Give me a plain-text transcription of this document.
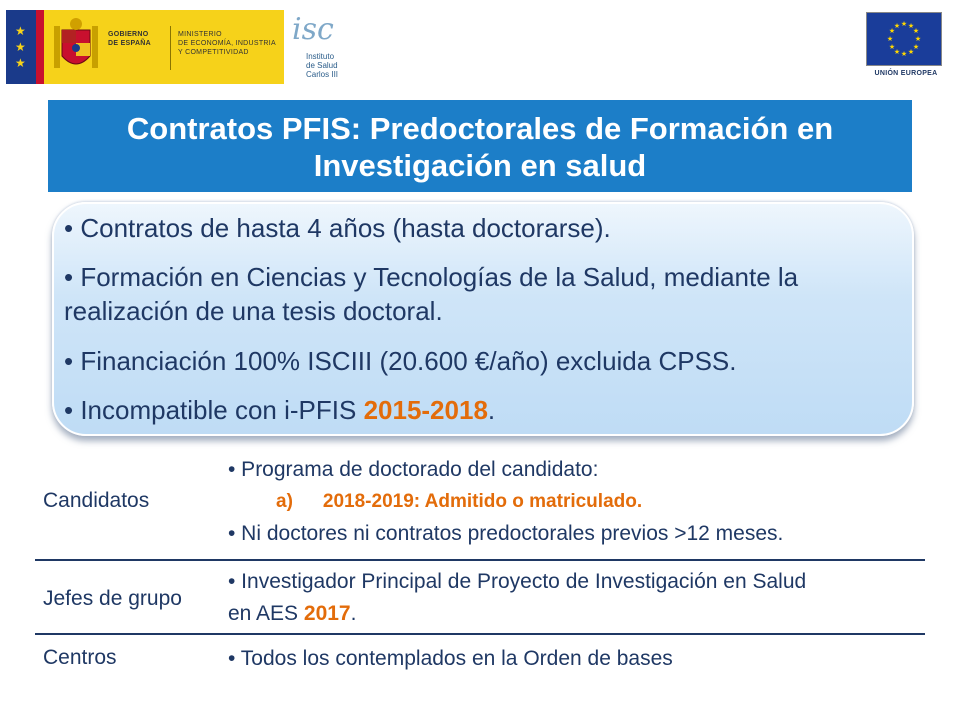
★
★
★
GOBIERNO
DE ESPAÑA
MINISTERIO
DE ECONOMÍA, INDUSTRIA
Y COMPETITIVIDAD
isc
Instituto
de Salud
Carlos III
★ ★
★
★
★
★
★
★
★
★
★
★
UNIÓN EUROPEA
Contratos PFIS: Predoctorales de Formación en
Investigación en salud
• Contratos de hasta 4 años (hasta doctorarse).
• Formación en Ciencias y Tecnologías de la Salud, mediante la
realización de una tesis doctoral.
• Financiación 100% ISCIII (20.600 €/año) excluida CPSS.
• Incompatible con i-PFIS 2015-2018.
Candidatos
• Programa de doctorado del candidato:
a) 2018-2019: Admitido o matriculado.
• Ni doctores ni contratos predoctorales previos >12 meses.
Jefes de grupo
• Investigador Principal de Proyecto de Investigación en Salud
en AES 2017.
Centros	• Todos los contemplados en la Orden de bases
